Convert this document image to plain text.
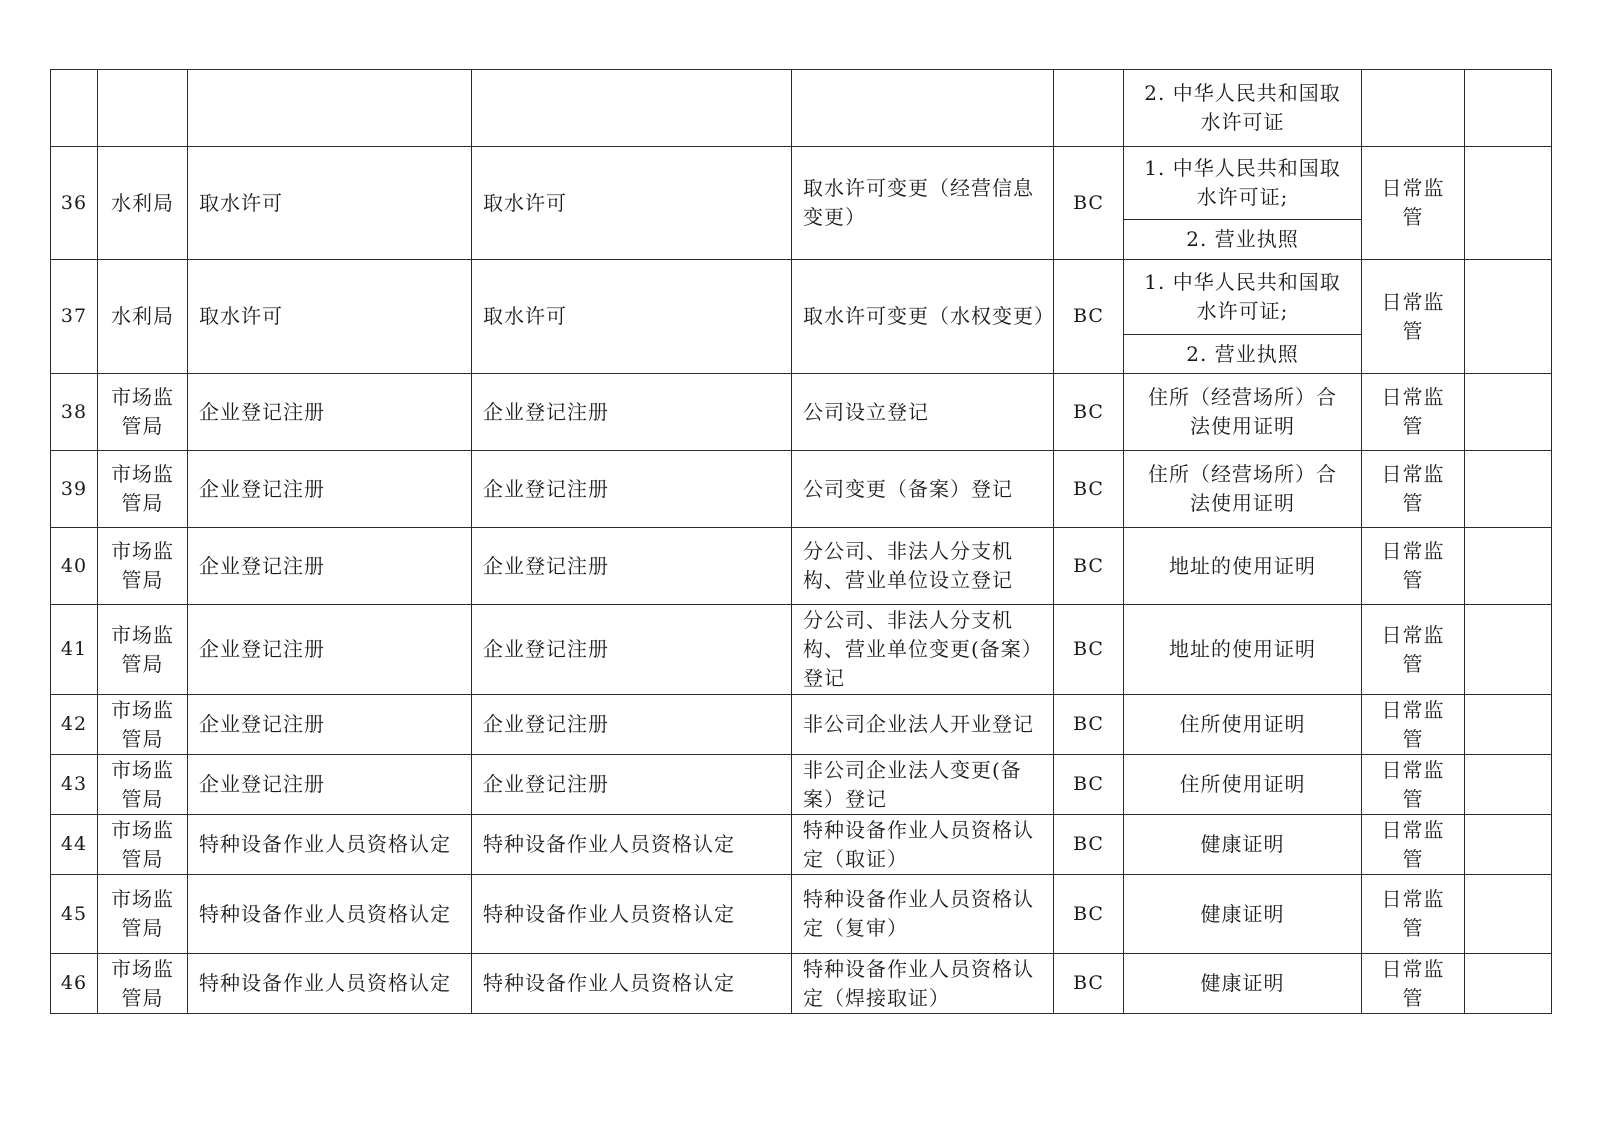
						2. 中华人民共和国取水许可证		
36	水利局	取水许可	取水许可	取水许可变更（经营信息变更）	BC	1. 中华人民共和国取水许可证;	日常监管	
						2. 营业执照		
37	水利局	取水许可	取水许可	取水许可变更（水权变更）	BC	1. 中华人民共和国取水许可证;	日常监管	
						2. 营业执照		
38	市场监管局	企业登记注册	企业登记注册	公司设立登记	BC	住所（经营场所）合法使用证明	日常监管	
39	市场监管局	企业登记注册	企业登记注册	公司变更（备案）登记	BC	住所（经营场所）合法使用证明	日常监管	
40	市场监管局	企业登记注册	企业登记注册	分公司、非法人分支机构、营业单位设立登记	BC	地址的使用证明	日常监管	
41	市场监管局	企业登记注册	企业登记注册	分公司、非法人分支机构、营业单位变更(备案）登记	BC	地址的使用证明	日常监管	
42	市场监管局	企业登记注册	企业登记注册	非公司企业法人开业登记	BC	住所使用证明	日常监管	
43	市场监管局	企业登记注册	企业登记注册	非公司企业法人变更(备案）登记	BC	住所使用证明	日常监管	
44	市场监管局	特种设备作业人员资格认定	特种设备作业人员资格认定	特种设备作业人员资格认定（取证）	BC	健康证明	日常监管	
45	市场监管局	特种设备作业人员资格认定	特种设备作业人员资格认定	特种设备作业人员资格认定（复审）	BC	健康证明	日常监管	
46	市场监管局	特种设备作业人员资格认定	特种设备作业人员资格认定	特种设备作业人员资格认定（焊接取证）	BC	健康证明	日常监管	
